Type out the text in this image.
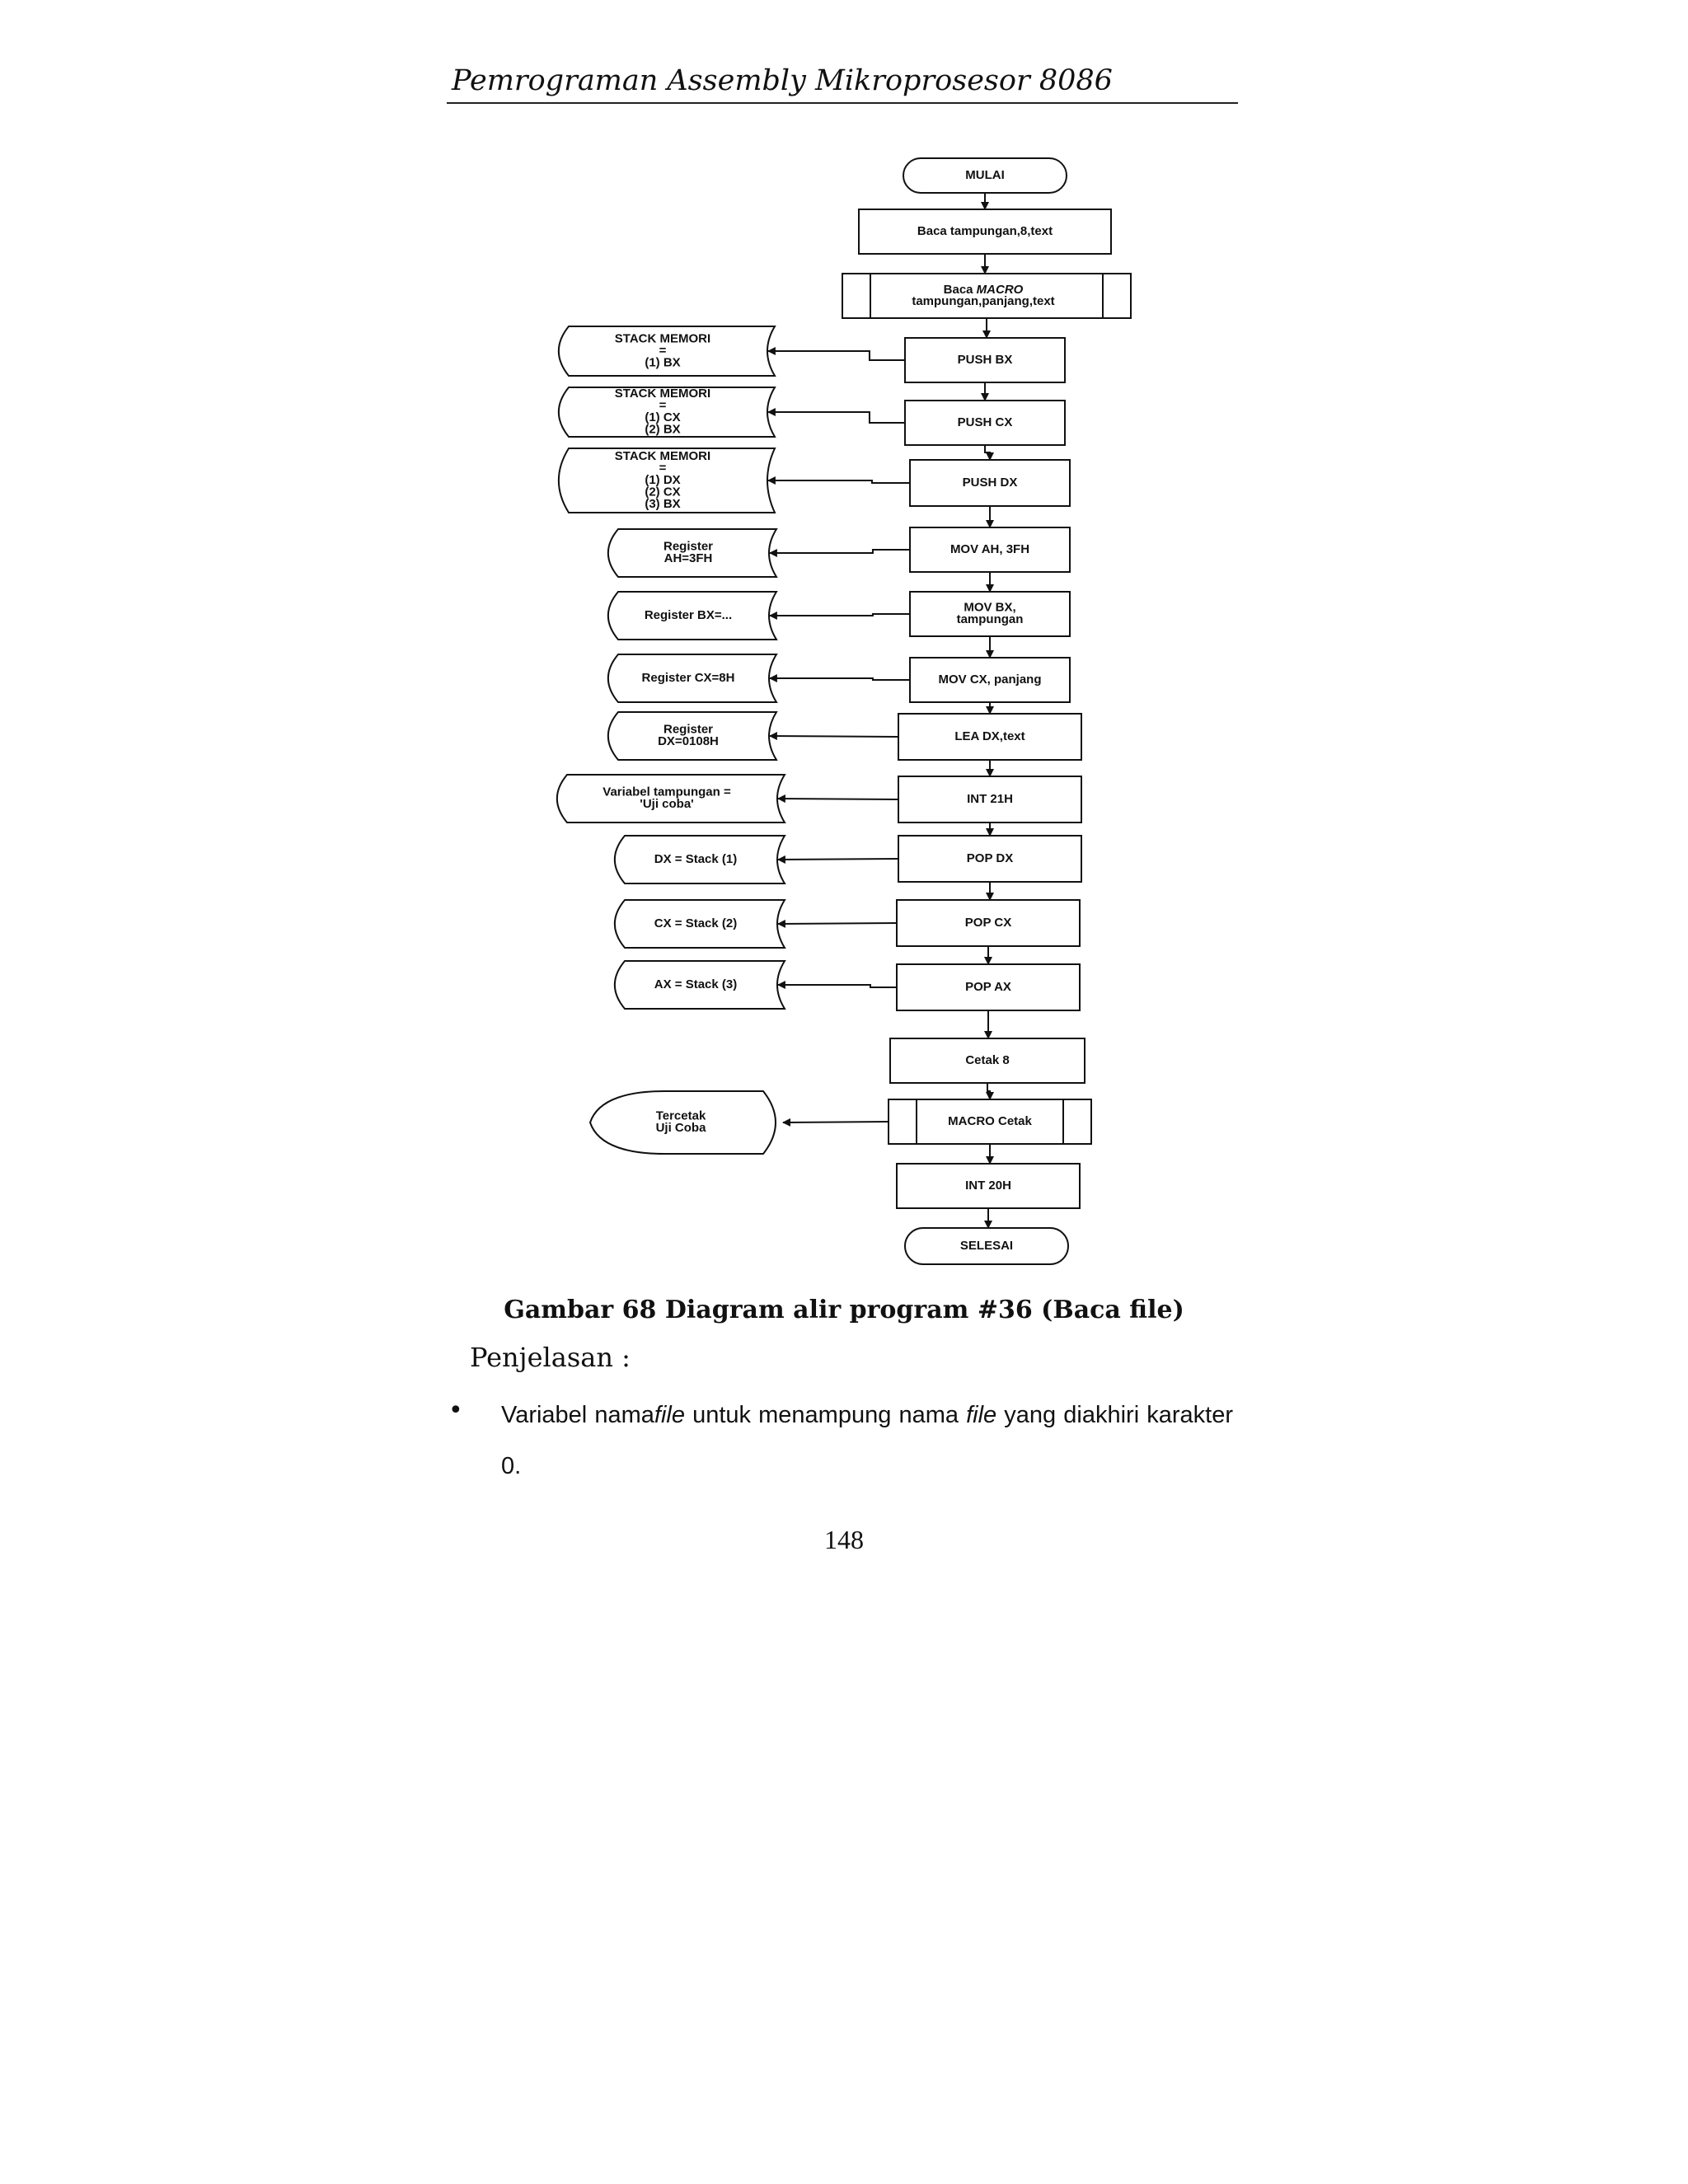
Pemrograman Assembly Mikroprosesor 8086
MULAI
Baca tampungan,8,text
Baca MACRO
tampungan,panjang,text
PUSH BX
PUSH CX
PUSH DX
MOV AH, 3FH
MOV BX,
tampungan
MOV CX, panjang
LEA DX,text
INT 21H
POP DX
POP CX
POP AX
Cetak 8
MACRO Cetak
INT 20H
SELESAI
STACK MEMORI
=
(1) BX
STACK MEMORI
=
(1) CX
(2) BX
STACK MEMORI
=
(1) DX
(2) CX
(3) BX
Register
AH=3FH
Register BX=...
Register CX=8H
Register
DX=0108H
Variabel tampungan =
'Uji coba'
DX = Stack (1)
CX = Stack (2)
AX = Stack (3)
Tercetak
Uji Coba
Gambar 68 Diagram alir program #36 (Baca file)
Penjelasan :
• Variabel namafile untuk menampung nama file yang diakhiri karakter 0.
148
